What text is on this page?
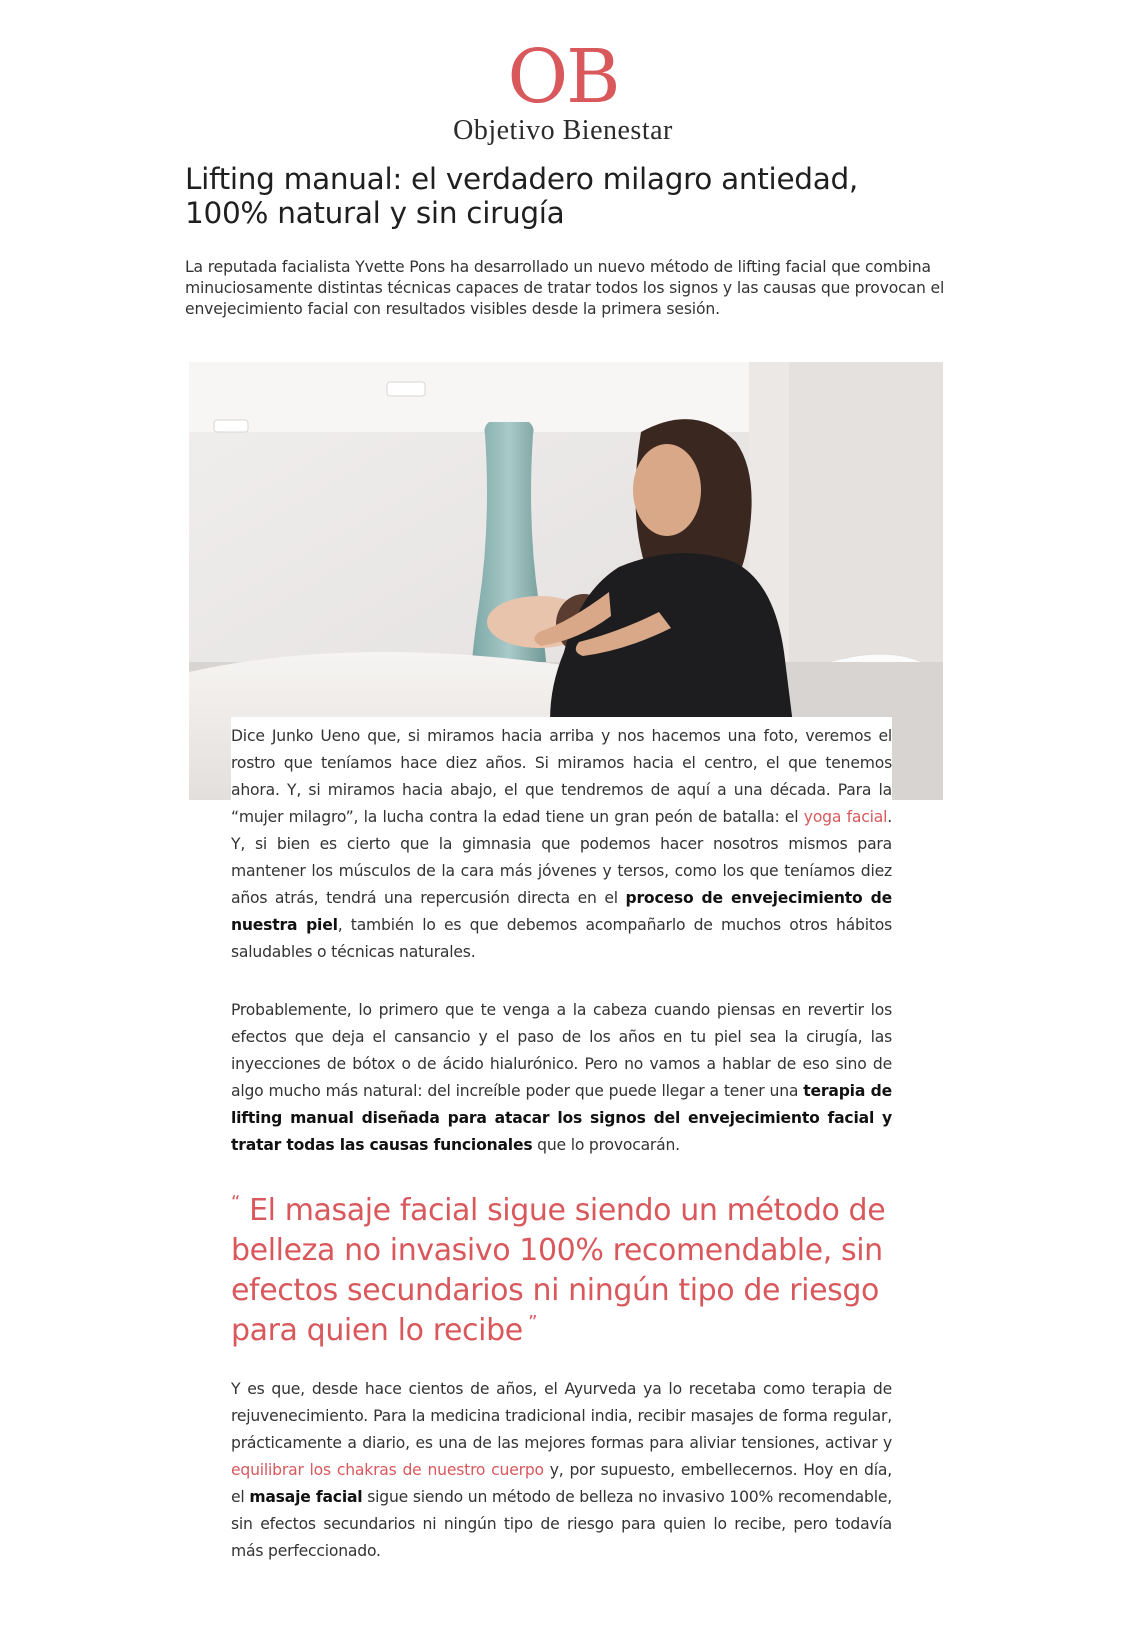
OB
Objetivo Bienestar
Lifting manual: el verdadero milagro antiedad,
100% natural y sin cirugía

La reputada facialista Yvette Pons ha desarrollado un nuevo método de lifting facial que combina minuciosamente distintas técnicas capaces de tratar todos los signos y las causas que provocan el envejecimiento facial con resultados visibles desde la primera sesión.

Dice Junko Ueno que, si miramos hacia arriba y nos hacemos una foto, veremos el rostro que teníamos hace diez años. Si miramos hacia el centro, el que tenemos ahora. Y, si miramos hacia abajo, el que tendremos de aquí a una década. Para la “mujer milagro”, la lucha contra la edad tiene un gran peón de batalla: el yoga facial. Y, si bien es cierto que la gimnasia que podemos hacer nosotros mismos para mantener los músculos de la cara más jóvenes y tersos, como los que teníamos diez años atrás, tendrá una repercusión directa en el proceso de envejecimiento de nuestra piel, también lo es que debemos acompañarlo de muchos otros hábitos saludables o técnicas naturales.

Probablemente, lo primero que te venga a la cabeza cuando piensas en revertir los efectos que deja el cansancio y el paso de los años en tu piel sea la cirugía, las inyecciones de bótox o de ácido hialurónico. Pero no vamos a hablar de eso sino de algo mucho más natural: del increíble poder que puede llegar a tener una terapia de lifting manual diseñada para atacar los signos del envejecimiento facial y tratar todas las causas funcionales que lo provocarán.

“ El masaje facial sigue siendo un método de belleza no invasivo 100% recomendable, sin efectos secundarios ni ningún tipo de riesgo para quien lo recibe ”

Y es que, desde hace cientos de años, el Ayurveda ya lo recetaba como terapia de rejuvenecimiento. Para la medicina tradicional india, recibir masajes de forma regular, prácticamente a diario, es una de las mejores formas para aliviar tensiones, activar y equilibrar los chakras de nuestro cuerpo y, por supuesto, embellecernos. Hoy en día, el masaje facial sigue siendo un método de belleza no invasivo 100% recomendable, sin efectos secundarios ni ningún tipo de riesgo para quien lo recibe, pero todavía más perfeccionado.
